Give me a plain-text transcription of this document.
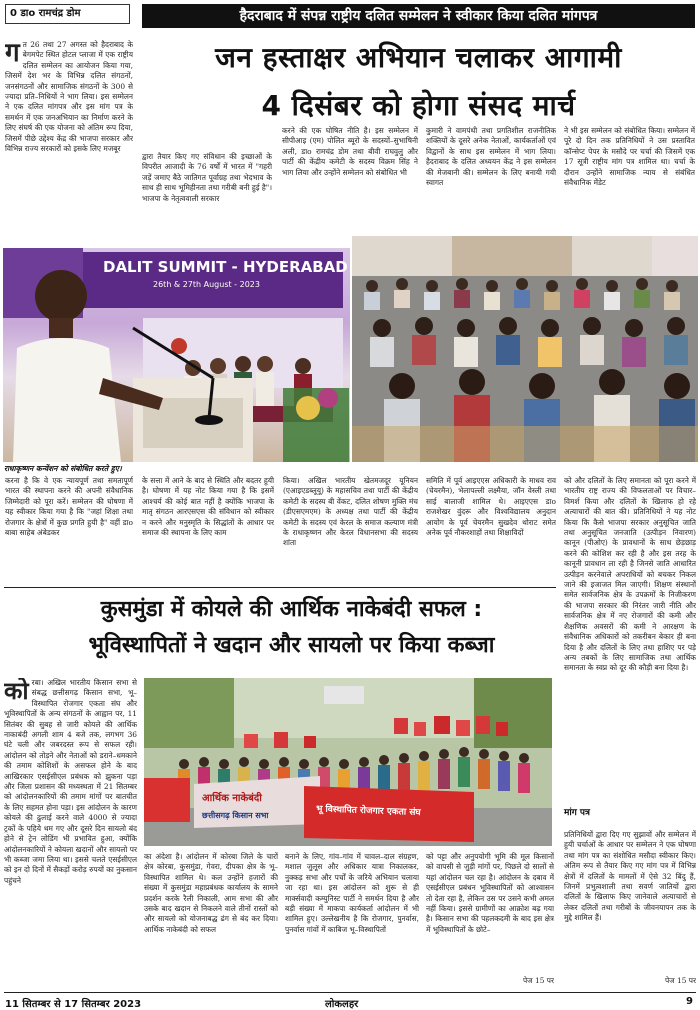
0 डाo रामचंद्र डोम	हैदराबाद में संपन्न राष्ट्रीय दलित सम्मेलन ने स्वीकार किया दलित मांगपत्र
जन हस्ताक्षर अभियान चलाकर आगामी
4 दिसंबर को होगा संसद मार्च
गत 26 तथा 27 अगस्त को हैदराबाद के बेगमपेट स्थित होटल प्लाजा में एक राष्ट्रीय दलित सम्मेलन का आयोजन किया गया, जिसमें देश भर के विभिन्न दलित संगठनों, जनसंगठनों और सामाजिक संगठनों के 300 से ज्यादा प्रति–निधियों ने भाग लिया। इस सम्मेलन ने एक दलित मांगपत्र और इस मांग पत्र के समर्थन में एक जनअभियान का निर्माण करने के लिए संघर्ष की एक योजना को अंतिम रूप दिया, जिसमें पीछे उद्देश्य केंद्र की भाजपा सरकार और विभिन्न राज्य सरकारों को इसके लिए मजबूर
द्वारा तैयार किए गए संविधान की इच्छाओं के विपरीत आजादी के 76 वर्षों में भारत में "गहरी जड़ें जमाए बैठे जातिगत पूर्वाग्रह तथा भेदभाव के साथ ही साथ भूमिहीनता तथा गरीबी बनी हुई है"। भाजपा के नेतृत्ववाली सरकार
करने की एक घोषित नीति है। इस सम्मेलन में सीपीआइ (एम) पोलित ब्यूरो के सदस्यों–सुभाषिनी अली, डाo रामचंद्र डोम तथा बीवी राघवुलु और पार्टी की केंद्रीय कमेटी के सदस्य विक्रम सिंह ने भाग लिया और उन्होंने सम्मेलन को संबोधित भी
कुमारी ने वामपंथी तथा प्रगतिशील राजनीतिक शक्तियों के दूसरे अनेक नेताओं, कार्यकर्ताओं एवं विद्वानों के साथ इस सम्मेलन में भाग लिया। हैदराबाद के दलित अध्ययन केंद्र ने इस सम्मेलन की मेजबानी की। सम्मेलन के लिए बनायी गयी स्वागत
ने भी इस सम्मेलन को संबोधित किया। सम्मेलन में पूरे दो दिन तक प्रतिनिधियों ने उस प्रस्तावित कॉन्सेप्ट पेपर के मसौदे पर चर्चा की जिसमें एक 17 सूत्री राष्ट्रीय मांग पत्र शामिल था। चर्चा के दौरान उन्होंने सामाजिक न्याय से संबंधित संवैधानिक मेंडेट
DALIT SUMMIT - HYDERABAD
26th & 27th August - 2023
राधाकृष्णन कन्वेंशन को संबोधित करते हुए।
करना है कि वे एक न्यायपूर्ण तथा समतापूर्ण भारत की स्थापना करने की अपनी संवैधानिक जिम्मेदारी को पूरा करें। सम्मेलन की घोषणा में यह स्वीकार किया गया है कि "जहां शिक्षा तथा रोजगार के क्षेत्रों में कुछ प्रगति हुयी है" वहीं डाo बाबा साहेब अंबेडकर
के सत्ता में आने के बाद से स्थिति और बदतर हुयी है। घोषणा में यह नोट किया गया है कि इसमें आश्चर्य की कोई बात नहीं है क्योंकि भाजपा के मातृ संगठन आरएसएस की संविधान को स्वीकार न करने और मनुस्मृति के सिद्धांतों के आधार पर समाज की स्थापना के लिए काम
किया। अखिल भारतीय खेतमजदूर यूनियन (एआइएडब्लूयू) के महासचिव तथा पार्टी की केंद्रीय कमेटी के सदस्य बी वेंकट, दलित शोषण मुक्ति मंच (डीएसएमएम) के अध्यक्ष तथा पार्टी की केंद्रीय कमेटी के सदस्य एवं केरल के समाज कल्याण मंत्री के राधाकृष्णन और केरल विधानसभा की सदस्य शांता
समिति में पूर्व आइएएस अधिकारी के माधव राव (चेयरमैन), भेलापल्ली लक्ष्मैया, जॉन वेस्ली तथा साई बालाजी शामिल थे। आइएएस डाo राजशेखर वुंदरू और विश्वविद्यालय अनुदान आयोग के पूर्व चेयरमैन सुखदेव थोराट समेत अनेक पूर्व नौकरशाहों तथा शिक्षाविदों
को और दलितों के लिए समानता को पूरा करने में भारतीय राष्ट्र राज्य की विफलताओं पर विचार–विमर्श किया और दलितों के खिलाफ हो रहे अत्याचारों की बात की। प्रतिनिधियों ने यह नोट किया कि कैसे भाजपा सरकार अनुसूचित जाति तथा अनुसूचित जनजाति (उत्पीड़न निवारण) कानून (पीओए) के प्रावधानों के साथ छेड़छाड़ करने की कोशिश कर रही है और इस तरह के कानूनी प्रावधान ला रही है जिनसे जाति आधारित उत्पीड़न करनेवाले अपराधियों को बचकर निकल जाने की इजाजत मिल जाएगी। शिक्षण संस्थानों समेत सार्वजनिक क्षेत्र के उपक्रमों के निजीकरण की भाजपा सरकार की निरंतर जारी नीति और सार्वजनिक क्षेत्र में नए रोजगारों की कमी और शैक्षणिक अवसरों की कमी ने आरक्षण के संवैधानिक अधिकारों को तकरीबन बेकार ही बना दिया है और दलितों के लिए तथा हाशिए पर पड़े अन्य तबकों के लिए सामाजिक तथा आर्थिक समानता के स्वप्न को दूर की कौड़ी बना दिया है।
मांग पत्र
प्रतिनिधियों द्वारा दिए गए सुझावों और सम्मेलन में हुयी चर्चाओं के आधार पर सम्मेलन ने एक घोषणा तथा मांग पत्र का संशोधित मसौदा स्वीकार किए। अंतिम रूप से तैयार किए गए मांग पत्र में विभिन्न क्षेत्रों में दलितों के मामलों में ऐसे 32 बिंदु हैं, जिनमें प्रभुत्वशाली तथा सवर्ण जातियों द्वारा दलितों के खिलाफ किए जानेवाले अत्याचारों से लेकर दलितों तथा गरीबों के जीवनयापन तक के मुद्दे शामिल हैं।
पेज 15 पर
कुसमुंडा में कोयले की आर्थिक नाकेबंदी सफल :
भूविस्थापितों ने खदान और सायलो पर किया कब्जा
कोरबा। अखिल भारतीय किसान सभा से संबद्ध छत्तीसगढ़ किसान सभा, भू–विस्थापित रोजगार एकता संघ और भूविस्थापितों के अन्य संगठनों के आह्वान पर, 11 सितंबर की सुबह से जारी कोयले की आर्थिक नाकाबंदी अगली शाम 4 बजे तक, लगभग 36 घंटे चली और जबरदस्त रूप से सफल रही। आंदोलन को तोड़ने और नेताओं को डराने–धमकाने की तमाम कोशिशों के असफल होने के बाद आखिरकार एसईसीएल प्रबंधक को झुकना पड़ा और जिला प्रशासन की मध्यस्थता में 21 सितम्बर को आंदोलनकारियों की तमाम मांगों पर बातचीत के लिए सहमत होना पड़ा। इस आंदोलन के कारण कोयले की ढुलाई करने वाले 4000 से ज्यादा ट्रकों के पहिये थम गए और दूसरे दिन सायलो बंद होने से ट्रेन लोडिंग भी प्रभावित हुआ, क्योंकि आंदोलनकारियों ने कोयला खदानों और सायलो पर भी कब्जा जमा लिया था। इससे चलते एसईसीएल को इन दो दिनों में सैकड़ों करोड़ रुपयों का नुकसान पहुंचने
आर्थिक नाकेबंदी
छत्तीसगढ़ किसान सभा	भू विस्थापित रोजगार एकता संघ
का अंदेशा है। आंदोलन में कोरबा जिले के चारों क्षेत्र कोरबा, कुसमुंडा, गेवरा, दीपका क्षेत्र के भू–विस्थापित शामिल थे। कल उन्होंने हजारों की संख्या में कुसमुंडा महाप्रबंधक कार्यालय के सामने प्रदर्शन करके रैली निकाली, आम सभा की और उसके बाद खदान से निकलने वाले तीनों रास्तों को और सायलो को योजनाबद्ध ढंग से बंद कर दिया। आर्थिक नाकेबंदी को सफल
बनाने के लिए, गांव–गांव में चावल–दाल संग्रहण, मशाल जुलूस और अधिकार यात्रा निकालकर, नुक्कड़ सभा और पर्चों के जरिये अभियान चलाया जा रहा था। इस आंदोलन को शुरू से ही मार्क्सवादी कम्युनिस्ट पार्टी ने समर्थन दिया है और बड़ी संख्या में माकपा कार्यकर्ता आंदोलन में भी शामिल हुए। उल्लेखनीय है कि रोजगार, पुनर्वास, पुनर्वास गांवों में काबिज भू–विस्थापितों
को पट्टा और अनुपयोगी भूमि की मूल किसानों को वापसी से जुड़ी मांगों पर, पिछले दो सालों से यहां आंदोलन चल रहा है। आंदोलन के दबाव में एसईसीएल प्रबंधन भूविस्थापितों को आश्वासन तो देता रहा है, लेकिन उस पर उसने कभी अमल नहीं किया। इससे ग्रामीणों का आक्रोश बढ़ गया है। किसान सभा की पहलकदमी के बाद इस क्षेत्र में भूविस्थापितों के छोटे–
पेज 15 पर
11 सितम्बर से 17 सितम्बर 2023	लोकलहर	9
